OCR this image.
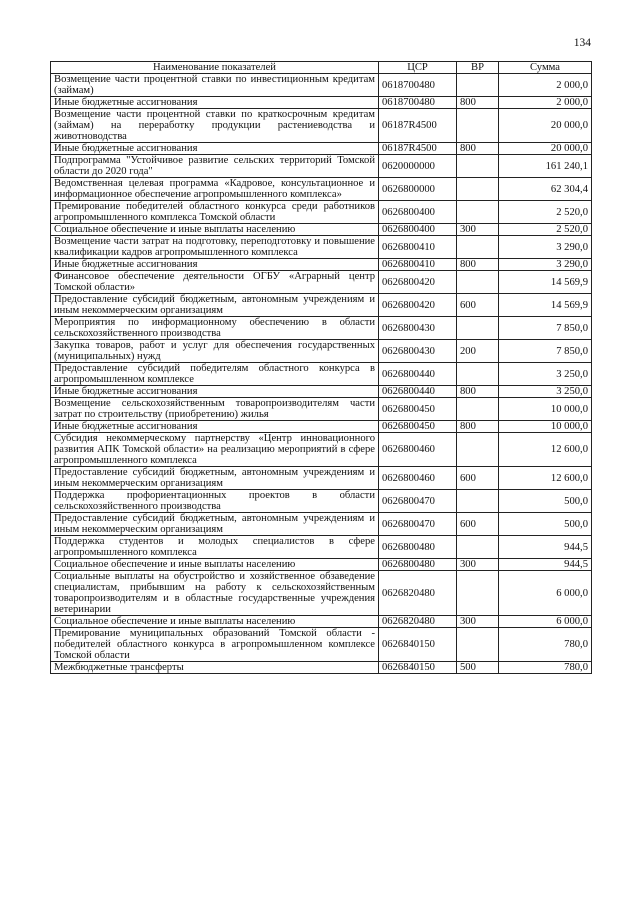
134
Наименование показателей	ЦСР	ВР	Сумма
Возмещение части процентной ставки по инвестиционным кредитам (займам)	0618700480		2 000,0
Иные бюджетные ассигнования	0618700480	800	2 000,0
Возмещение части процентной ставки по краткосрочным кредитам (займам) на переработку продукции растениеводства и животноводства	06187R4500		20 000,0
Иные бюджетные ассигнования	06187R4500	800	20 000,0
Подпрограмма "Устойчивое развитие сельских территорий Томской области до 2020 года"	0620000000		161 240,1
Ведомственная целевая программа «Кадровое, консультационное и информационное обеспечение агропромышленного комплекса»	0626800000		62 304,4
Премирование победителей областного конкурса среди работников агропромышленного комплекса Томской области	0626800400		2 520,0
Социальное обеспечение и иные выплаты населению	0626800400	300	2 520,0
Возмещение части затрат на подготовку, переподготовку и повышение квалификации кадров агропромышленного комплекса	0626800410		3 290,0
Иные бюджетные ассигнования	0626800410	800	3 290,0
Финансовое обеспечение деятельности ОГБУ «Аграрный центр Томской области»	0626800420		14 569,9
Предоставление субсидий бюджетным, автономным учреждениям и иным некоммерческим организациям	0626800420	600	14 569,9
Мероприятия по информационному обеспечению в области сельскохозяйственного производства	0626800430		7 850,0
Закупка товаров, работ и услуг для обеспечения государственных (муниципальных) нужд	0626800430	200	7 850,0
Предоставление субсидий победителям областного конкурса в агропромышленном комплексе	0626800440		3 250,0
Иные бюджетные ассигнования	0626800440	800	3 250,0
Возмещение сельскохозяйственным товаропроизводителям части затрат по строительству (приобретению) жилья	0626800450		10 000,0
Иные бюджетные ассигнования	0626800450	800	10 000,0
Субсидия некоммерческому партнерству «Центр инновационного развития АПК Томской области» на реализацию мероприятий в сфере агропромышленного комплекса	0626800460		12 600,0
Предоставление субсидий бюджетным, автономным учреждениям и иным некоммерческим организациям	0626800460	600	12 600,0
Поддержка профориентационных проектов в области сельскохозяйственного производства	0626800470		500,0
Предоставление субсидий бюджетным, автономным учреждениям и иным некоммерческим организациям	0626800470	600	500,0
Поддержка студентов и молодых специалистов в сфере агропромышленного комплекса	0626800480		944,5
Социальное обеспечение и иные выплаты населению	0626800480	300	944,5
Социальные выплаты на обустройство и хозяйственное обзаведение специалистам, прибывшим на работу к сельскохозяйственным товаропроизводителям и в областные государственные учреждения ветеринарии	0626820480		6 000,0
Социальное обеспечение и иные выплаты населению	0626820480	300	6 000,0
Премирование муниципальных образований Томской области - победителей областного конкурса в агропромышленном комплексе Томской области	0626840150		780,0
Межбюджетные трансферты	0626840150	500	780,0
